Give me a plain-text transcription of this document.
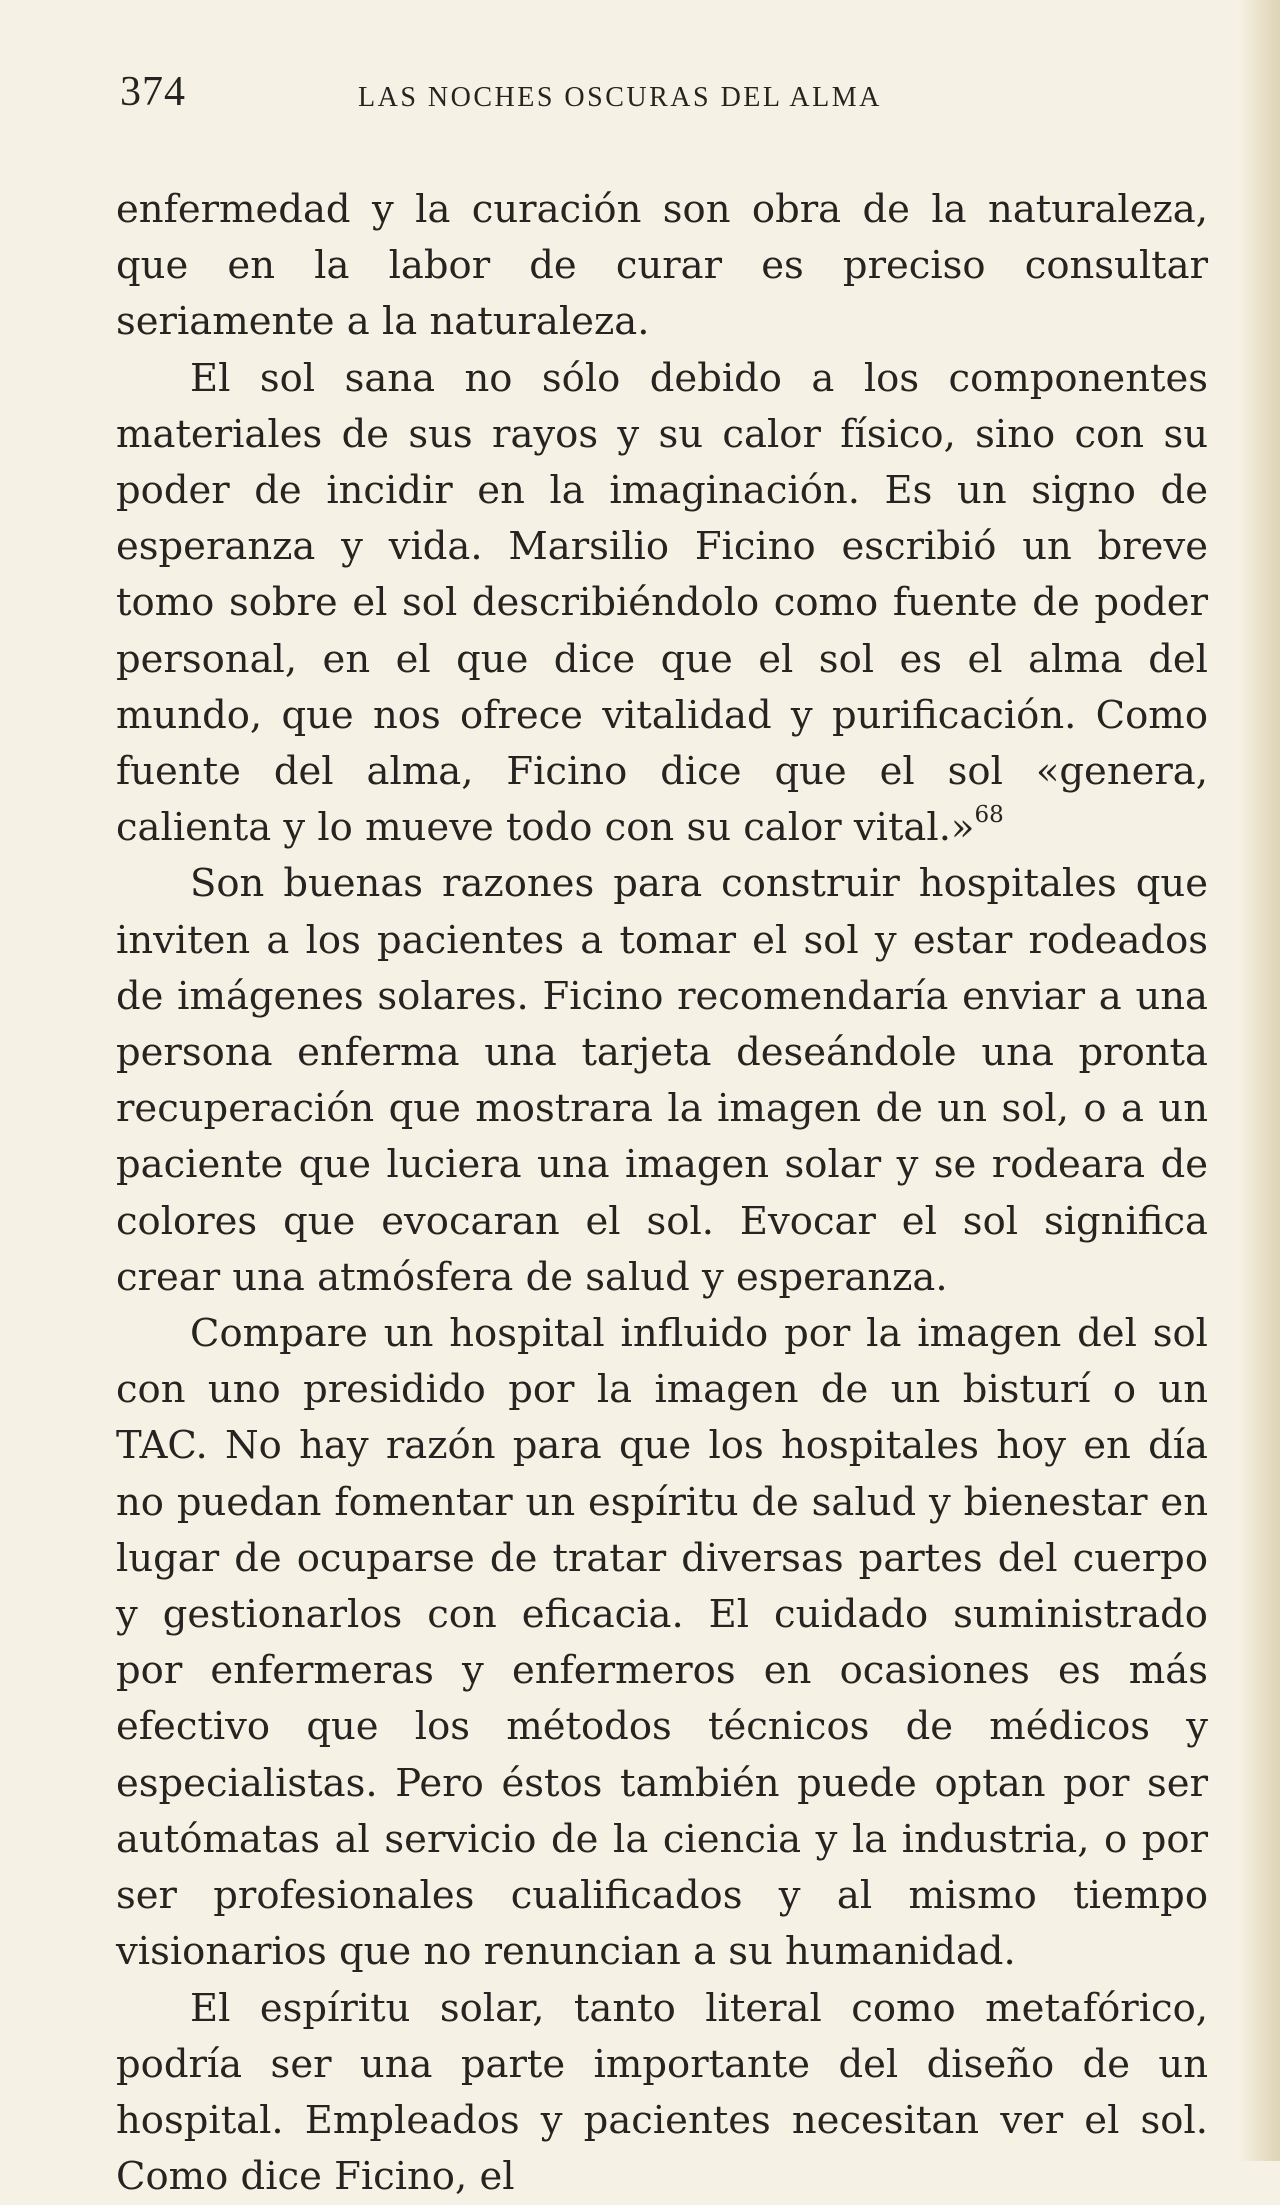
374	LAS NOCHES OSCURAS DEL ALMA

enfermedad y la curación son obra de la naturaleza, que en la labor de curar es preciso consultar seriamente a la naturaleza.

El sol sana no sólo debido a los componentes materiales de sus rayos y su calor físico, sino con su poder de incidir en la imaginación. Es un signo de esperanza y vida. Marsilio Ficino escribió un breve tomo sobre el sol describiéndolo como fuente de poder personal, en el que dice que el sol es el alma del mundo, que nos ofrece vitalidad y purificación. Como fuente del alma, Ficino dice que el sol «genera, calienta y lo mueve todo con su calor vital.»$^{68}$

Son buenas razones para construir hospitales que inviten a los pacientes a tomar el sol y estar rodeados de imágenes solares. Ficino recomendaría enviar a una persona enferma una tarjeta deseándole una pronta recuperación que mostrara la imagen de un sol, o a un paciente que luciera una imagen solar y se rodeara de colores que evocaran el sol. Evocar el sol significa crear una atmósfera de salud y esperanza.

Compare un hospital influido por la imagen del sol con uno presidido por la imagen de un bisturí o un TAC. No hay razón para que los hospitales hoy en día no puedan fomentar un espíritu de salud y bienestar en lugar de ocuparse de tratar diversas partes del cuerpo y gestionarlos con eficacia. El cuidado suministrado por enfermeras y enfermeros en ocasiones es más efectivo que los métodos técnicos de médicos y especialistas. Pero éstos también puede optan por ser autómatas al servicio de la ciencia y la industria, o por ser profesionales cualificados y al mismo tiempo visionarios que no renuncian a su humanidad.

El espíritu solar, tanto literal como metafórico, podría ser una parte importante del diseño de un hospital. Empleados y pacientes necesitan ver el sol. Como dice Ficino, el
